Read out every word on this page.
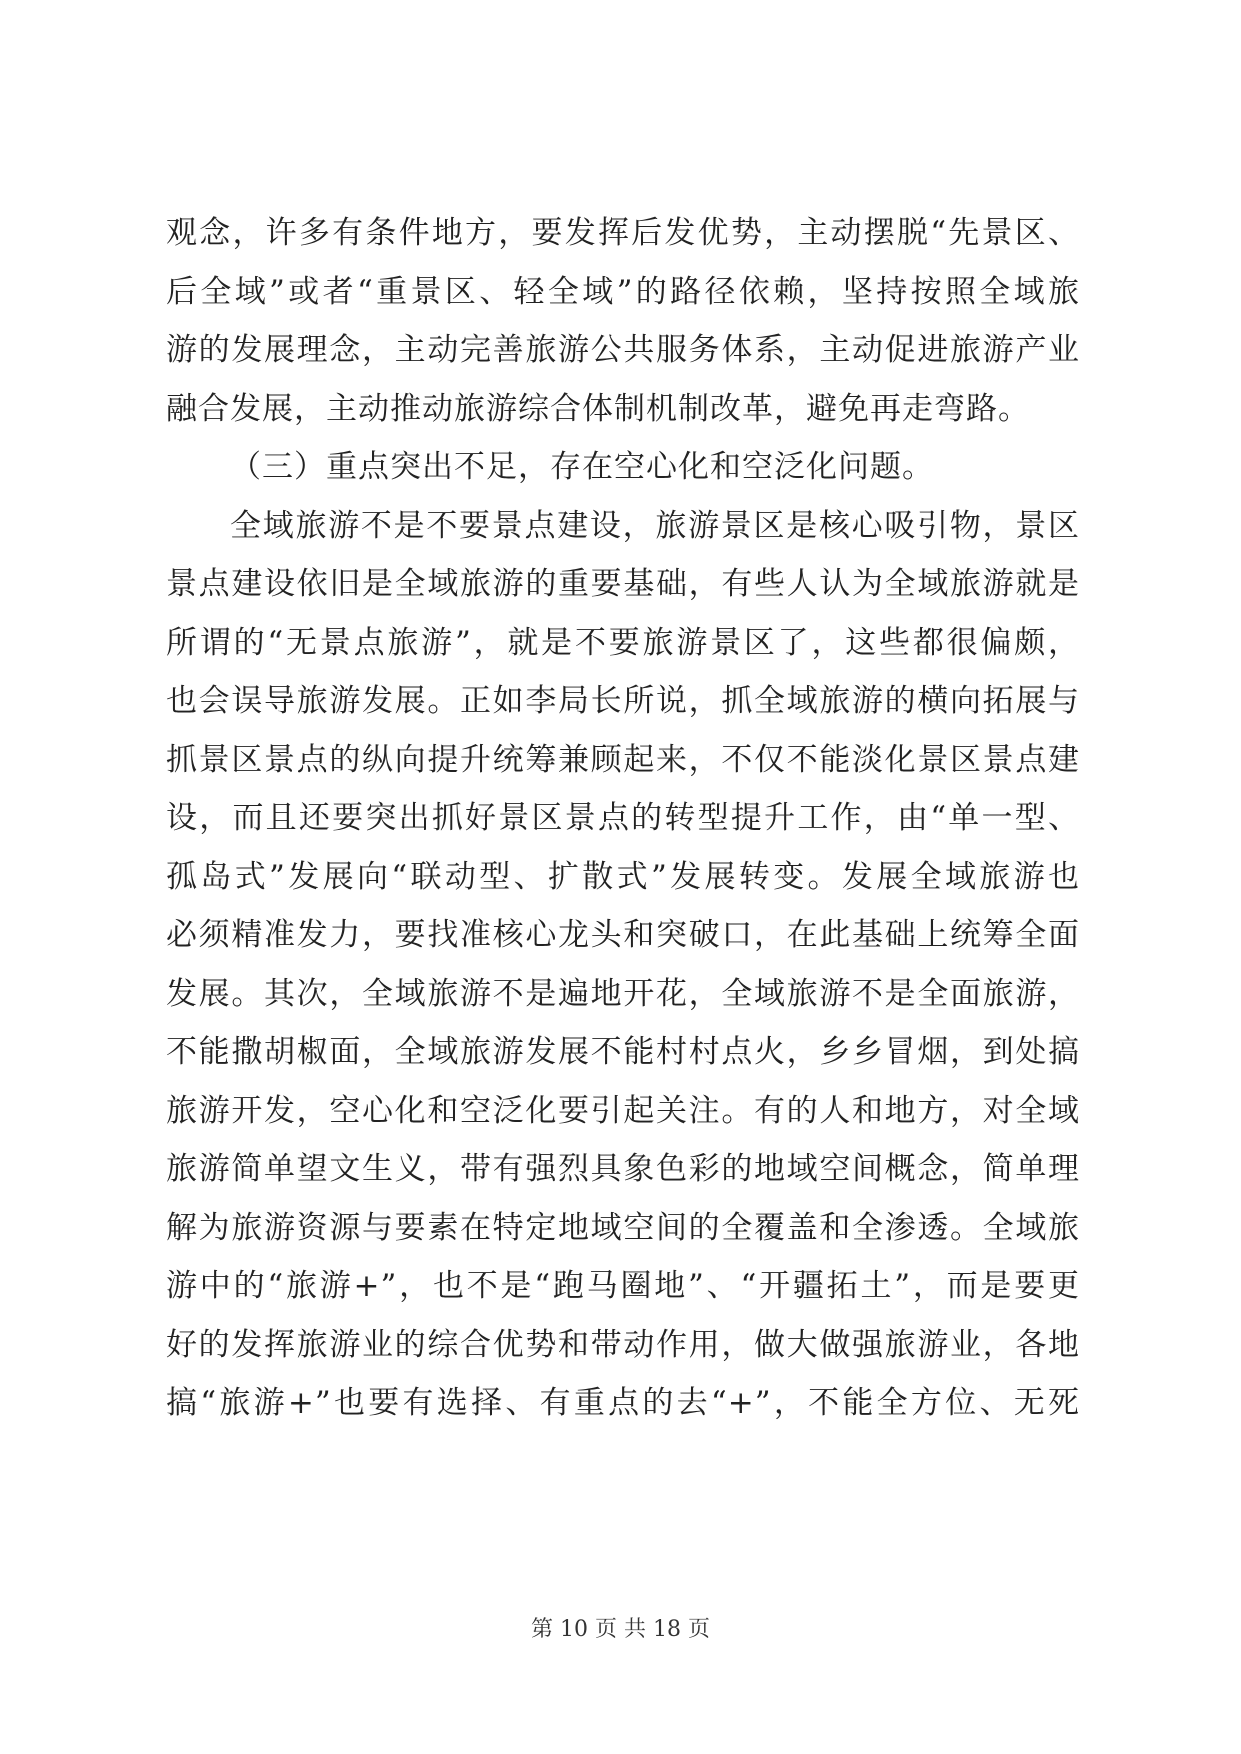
观念，许多有条件地方，要发挥后发优势，主动摆脱“先景区、
后全域”或者“重景区、轻全域”的路径依赖，坚持按照全域旅
游的发展理念，主动完善旅游公共服务体系，主动促进旅游产业
融合发展，主动推动旅游综合体制机制改革，避免再走弯路。
（三）重点突出不足，存在空心化和空泛化问题。
全域旅游不是不要景点建设，旅游景区是核心吸引物，景区
景点建设依旧是全域旅游的重要基础，有些人认为全域旅游就是
所谓的“无景点旅游”，就是不要旅游景区了，这些都很偏颇，
也会误导旅游发展。正如李局长所说，抓全域旅游的横向拓展与
抓景区景点的纵向提升统筹兼顾起来，不仅不能淡化景区景点建
设，而且还要突出抓好景区景点的转型提升工作，由“单一型、
孤岛式”发展向“联动型、扩散式”发展转变。发展全域旅游也
必须精准发力，要找准核心龙头和突破口，在此基础上统筹全面
发展。其次，全域旅游不是遍地开花，全域旅游不是全面旅游，
不能撒胡椒面，全域旅游发展不能村村点火，乡乡冒烟，到处搞
旅游开发，空心化和空泛化要引起关注。有的人和地方，对全域
旅游简单望文生义，带有强烈具象色彩的地域空间概念，简单理
解为旅游资源与要素在特定地域空间的全覆盖和全渗透。全域旅
游中的“旅游+”，也不是“跑马圈地”、“开疆拓土”，而是要更
好的发挥旅游业的综合优势和带动作用，做大做强旅游业，各地
搞“旅游+”也要有选择、有重点的去“+”，不能全方位、无死
第 10 页 共 18 页
